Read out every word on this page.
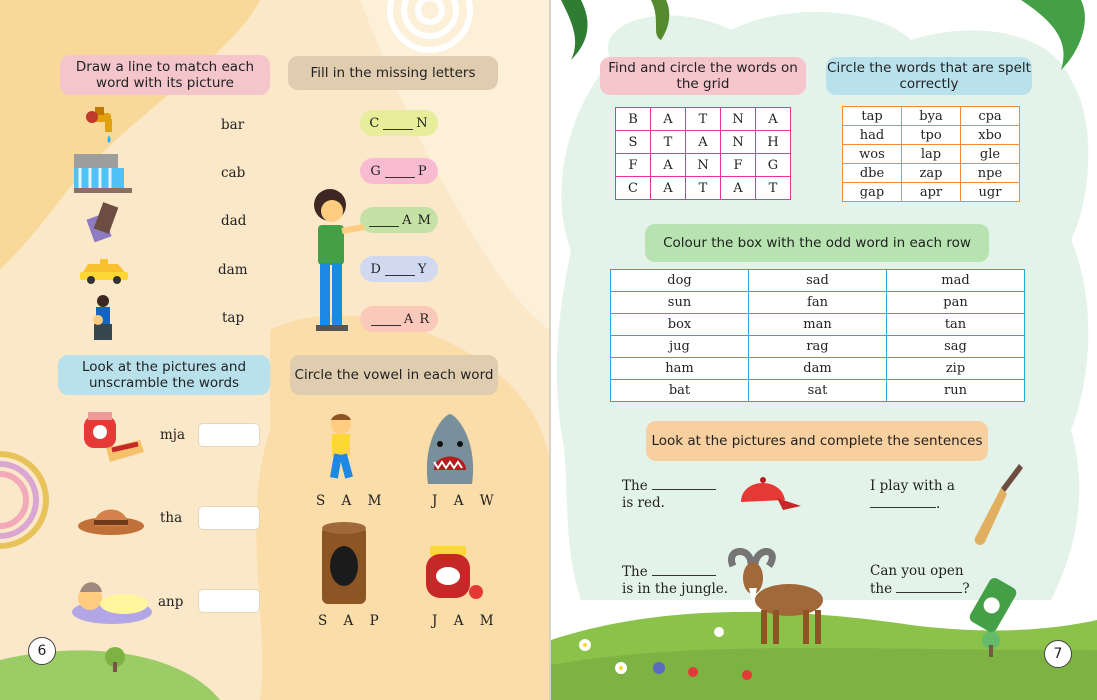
Draw a line to match each word with its picture
bar
cab
dad
dam
tap
Fill in the missing letters
C	N
G	P
A M
D	Y
A R
Look at the pictures and unscramble the words
mja
tha
anp
Circle the vowel in each word
S A M	J A W
S A P	J A M
6
Find and circle the words on the grid
B	A	T	N	A
S	T	A	N	H
F	A	N	F	G
C	A	T	A	T
Circle the words that are spelt correctly
tap	bya	cpa
had	tpo	xbo
wos	lap	gle
dbe	zap	npe
gap	apr	ugr
Colour the box with the odd word in each row
dog	sad	mad
sun	fan	pan
box	man	tan
jug	rag	sag
ham	dam	zip
bat	sat	run
Look at the pictures and complete the sentences
The
is red.
I play with a
.
The
is in the jungle.
Can you open
the	?
7
